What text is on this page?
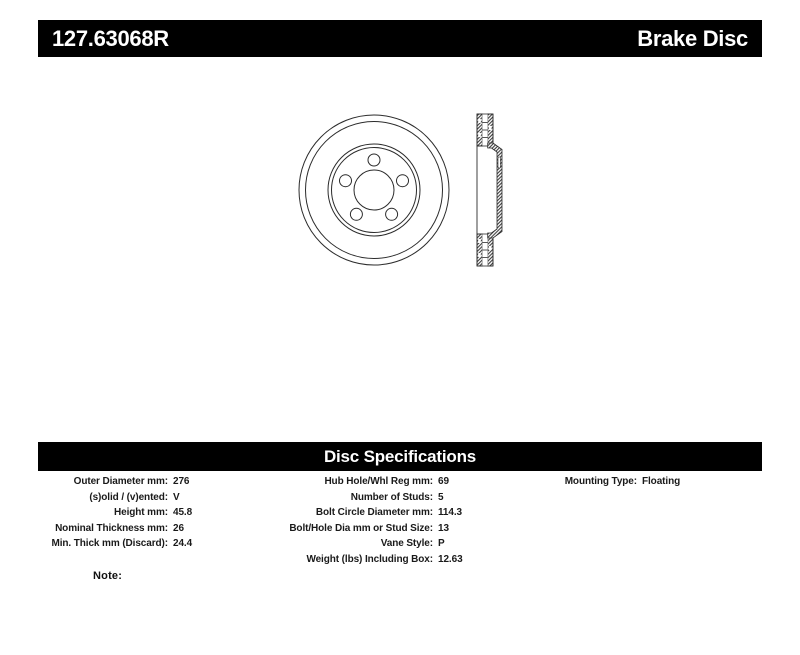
127.63068R	Brake Disc
Disc Specifications
Outer Diameter mm: 276
(s)olid / (v)ented: V
Height mm: 45.8
Nominal Thickness mm: 26
Min. Thick mm (Discard): 24.4
Hub Hole/Whl Reg mm: 69
Number of Studs: 5
Bolt Circle Diameter mm: 114.3
Bolt/Hole Dia mm or Stud Size: 13
Vane Style: P
Weight (lbs) Including Box: 12.63
Mounting Type: Floating
Note:
